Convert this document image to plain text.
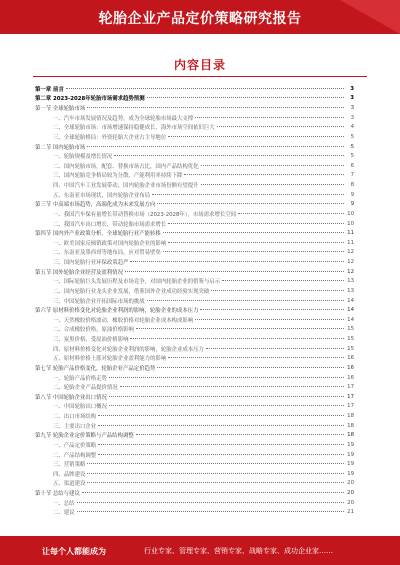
轮胎企业产品定价策略研究报告
内容目录
第一章 前言	3
第二章 2023-2028年轮胎市场需求趋势预测	3
第一节 全球轮胎市场	3
一、汽车市场发展情况及趋势，成为全球轮胎市场最大支撑	3
二、全球轮胎市场：市场增速保持稳健成长，海外市场空间依旧巨大	4
三、全球轮胎格局：外资轮胎大企业占主导地位	5
第二节 国内轮胎市场	5
一、轮胎规模及增长情况	5
二、国内轮胎市场，配套、替换市场占比，国内产品结构优化	6
三、国内轮胎竞争格局较为分散，产能利用率持续下降	7
四、中国汽车工业发展带动，国内轮胎企业市场份额有望提升	8
五、东南亚市场现状，国内轮胎企业布局	9
第三节 中高端市场趋势，高端化成为未来发展方向	9
一、我国汽车保有量增长带动替换市场（2023-2028年），市场需求增长空间	10
二、我国汽车出口增长，带动轮胎市场需求增长	10
第四节 国内外产业政策分析，全球轮胎行业产能转移	11
一、欧美国家反倾销政策对国内轮胎企业的影响	11
二、东南亚及墨西哥等地布局，应对贸易壁垒	12
三、国内轮胎行业环保政策趋严	12
第五节 国外轮胎企业经营及盈利情况	12
一、国际轮胎巨头发展历程及市场竞争，对国内轮胎企业的借鉴与启示	13
二、国内轮胎行业龙头企业发展，借鉴国外企业成功经验实现突破	13
三、中国轮胎企业开拓国际市场的挑战	14
第六节 原材料价格变化对轮胎企业利润的影响，轮胎企业的成本压力	14
一、天然橡胶价格波动，橡胶价格对轮胎企业成本构成影响	14
二、合成橡胶价格，原油价格影响	15
三、炭黑价格，受原油价格影响	15
四、原材料价格变化对轮胎企业利润的影响，轮胎企业成本压力	15
五、原材料价格上涨对轮胎企业盈利能力的影响	16
第七节 轮胎产品价格变化，轮胎企业产品定价趋势	16
一、轮胎产品价格走势	16
二、轮胎企业产品提价情况	17
第八节 中国轮胎企业出口情况	17
一、中国轮胎出口概况	17
二、出口市场结构	18
三、主要出口企业	18
第九节 轮胎企业定价策略与产品结构调整	18
一、产品定价策略	19
二、产品结构调整	19
三、营销策略	19
四、品牌建设	19
五、渠道建设	20
第十节 总结与建议	20
一、总结	20
二、建议	21
让每个人都能成为	行业专家、管理专家、营销专家、战略专家、成功企业家……
